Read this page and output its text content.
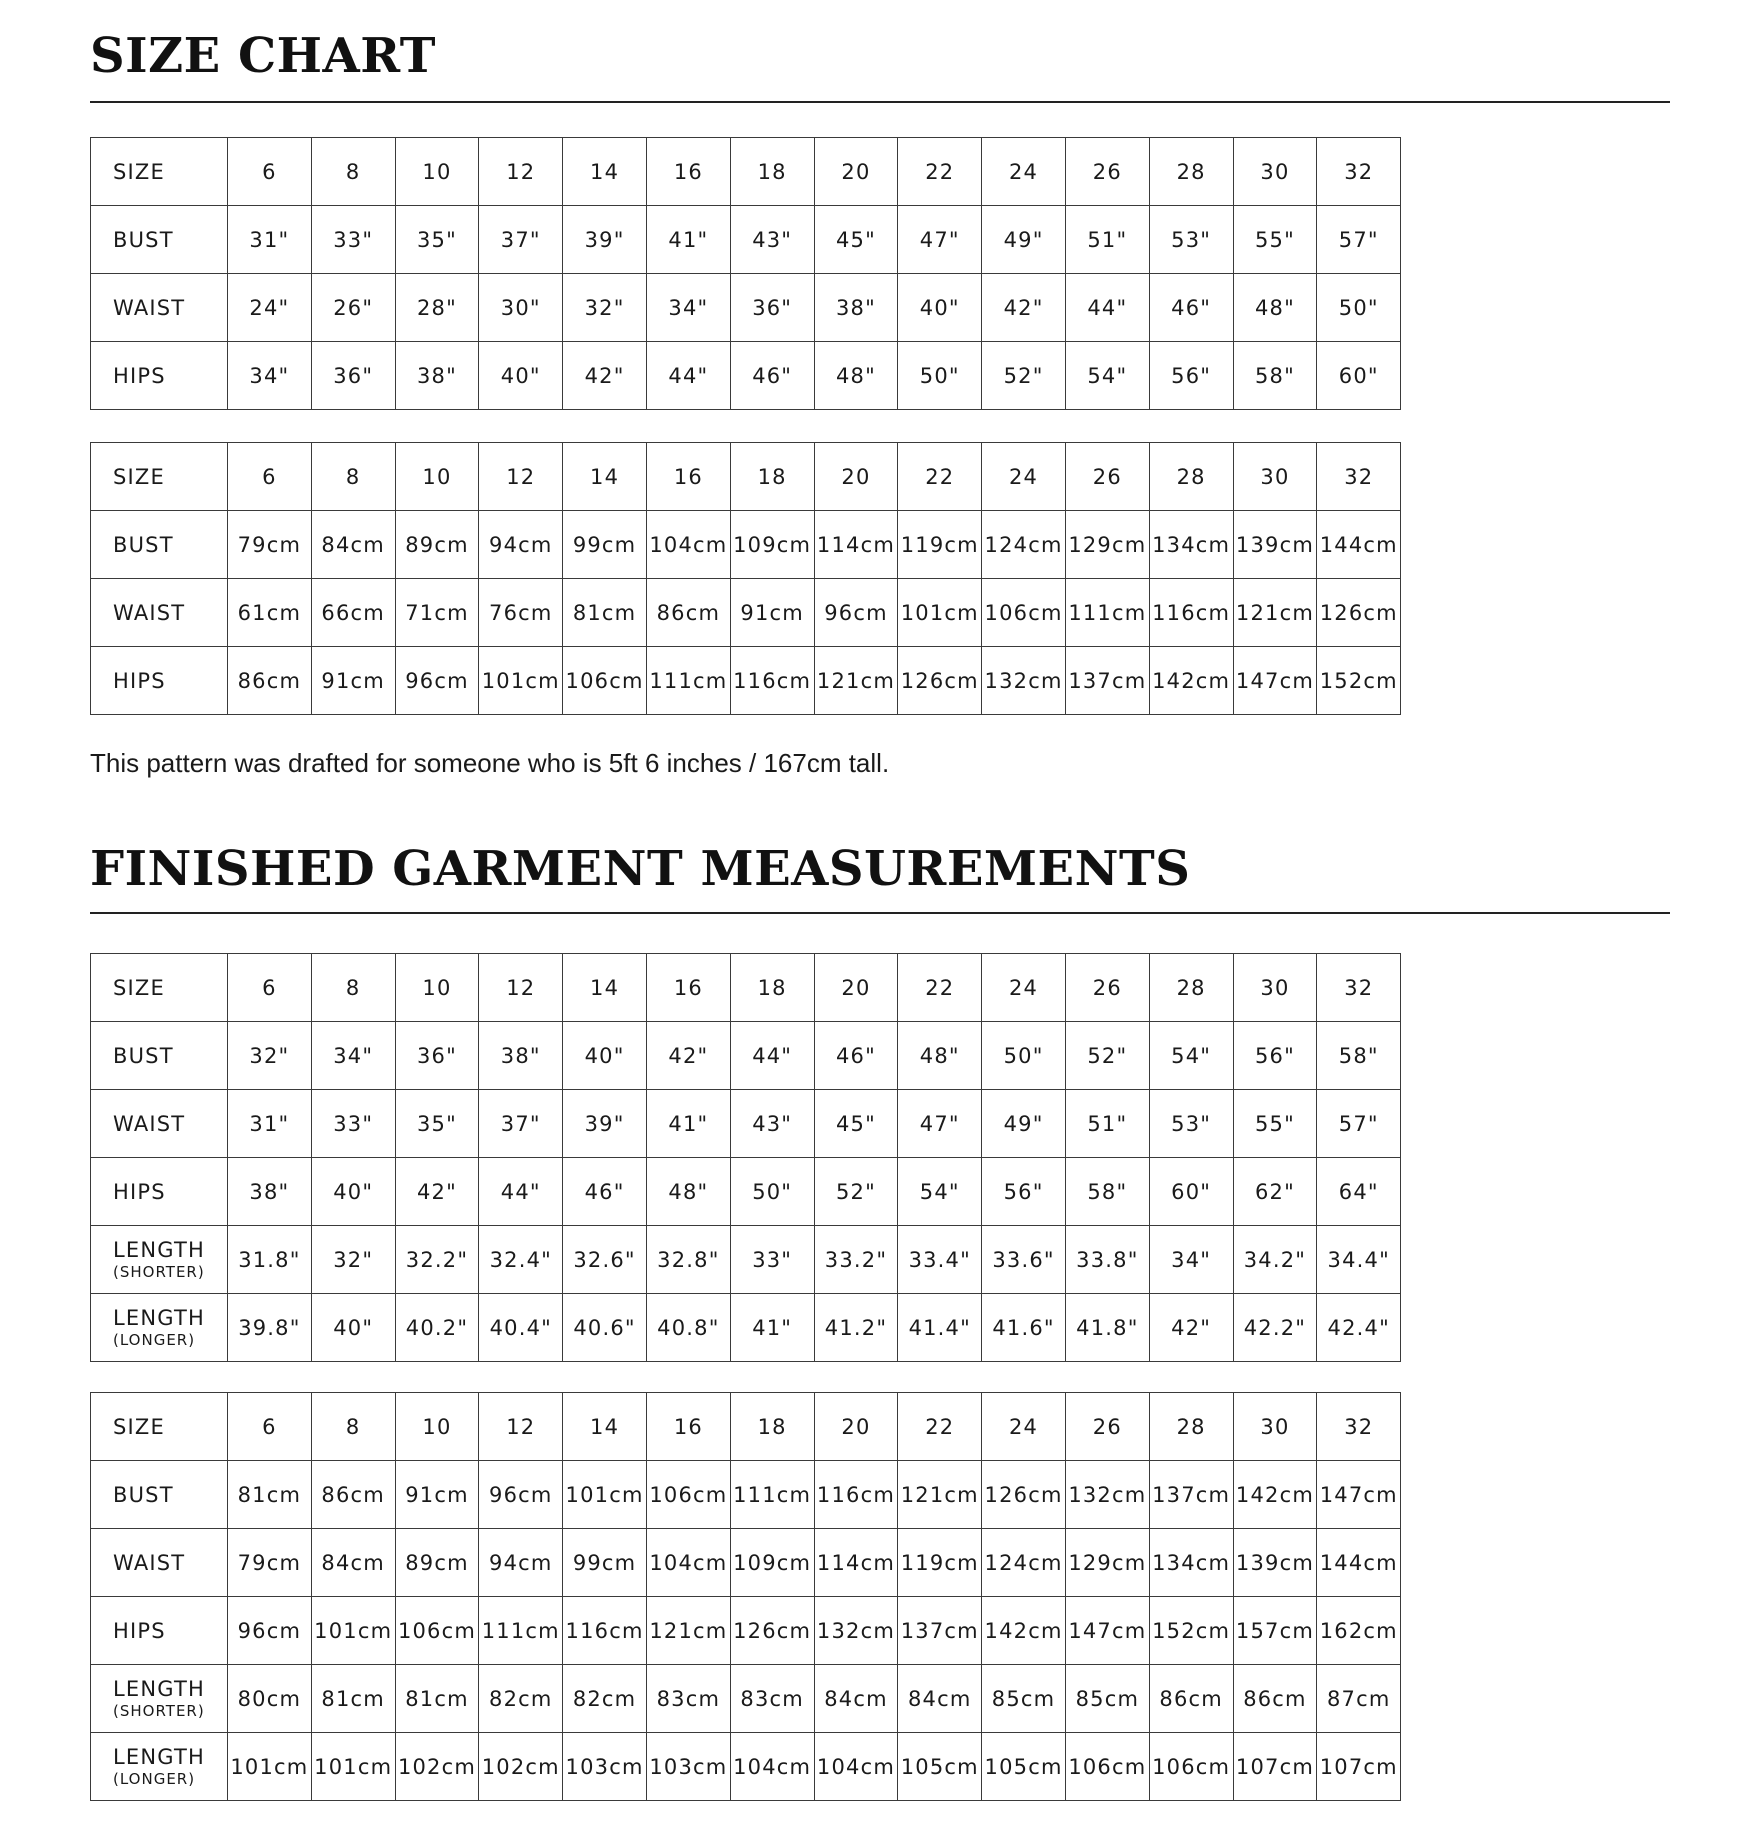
SIZE CHART
SIZE	6	8	10	12	14	16	18	20	22	24	26	28	30	32
BUST	31"	33"	35"	37"	39"	41"	43"	45"	47"	49"	51"	53"	55"	57"
WAIST	24"	26"	28"	30"	32"	34"	36"	38"	40"	42"	44"	46"	48"	50"
HIPS	34"	36"	38"	40"	42"	44"	46"	48"	50"	52"	54"	56"	58"	60"
SIZE	6	8	10	12	14	16	18	20	22	24	26	28	30	32
BUST	79cm	84cm	89cm	94cm	99cm	104cm	109cm	114cm	119cm	124cm	129cm	134cm	139cm	144cm
WAIST	61cm	66cm	71cm	76cm	81cm	86cm	91cm	96cm	101cm	106cm	111cm	116cm	121cm	126cm
HIPS	86cm	91cm	96cm	101cm	106cm	111cm	116cm	121cm	126cm	132cm	137cm	142cm	147cm	152cm

This pattern was drafted for someone who is 5ft 6 inches / 167cm tall.

FINISHED GARMENT MEASUREMENTS
SIZE	6	8	10	12	14	16	18	20	22	24	26	28	30	32
BUST	32"	34"	36"	38"	40"	42"	44"	46"	48"	50"	52"	54"	56"	58"
WAIST	31"	33"	35"	37"	39"	41"	43"	45"	47"	49"	51"	53"	55"	57"
HIPS	38"	40"	42"	44"	46"	48"	50"	52"	54"	56"	58"	60"	62"	64"
LENGTH
(SHORTER)	31.8"	32"	32.2"	32.4"	32.6"	32.8"	33"	33.2"	33.4"	33.6"	33.8"	34"	34.2"	34.4"
LENGTH
(LONGER)	39.8"	40"	40.2"	40.4"	40.6"	40.8"	41"	41.2"	41.4"	41.6"	41.8"	42"	42.2"	42.4"
SIZE	6	8	10	12	14	16	18	20	22	24	26	28	30	32
BUST	81cm	86cm	91cm	96cm	101cm	106cm	111cm	116cm	121cm	126cm	132cm	137cm	142cm	147cm
WAIST	79cm	84cm	89cm	94cm	99cm	104cm	109cm	114cm	119cm	124cm	129cm	134cm	139cm	144cm
HIPS	96cm	101cm	106cm	111cm	116cm	121cm	126cm	132cm	137cm	142cm	147cm	152cm	157cm	162cm
LENGTH
(SHORTER)	80cm	81cm	81cm	82cm	82cm	83cm	83cm	84cm	84cm	85cm	85cm	86cm	86cm	87cm
LENGTH
(LONGER)	101cm	101cm	102cm	102cm	103cm	103cm	104cm	104cm	105cm	105cm	106cm	106cm	107cm	107cm
